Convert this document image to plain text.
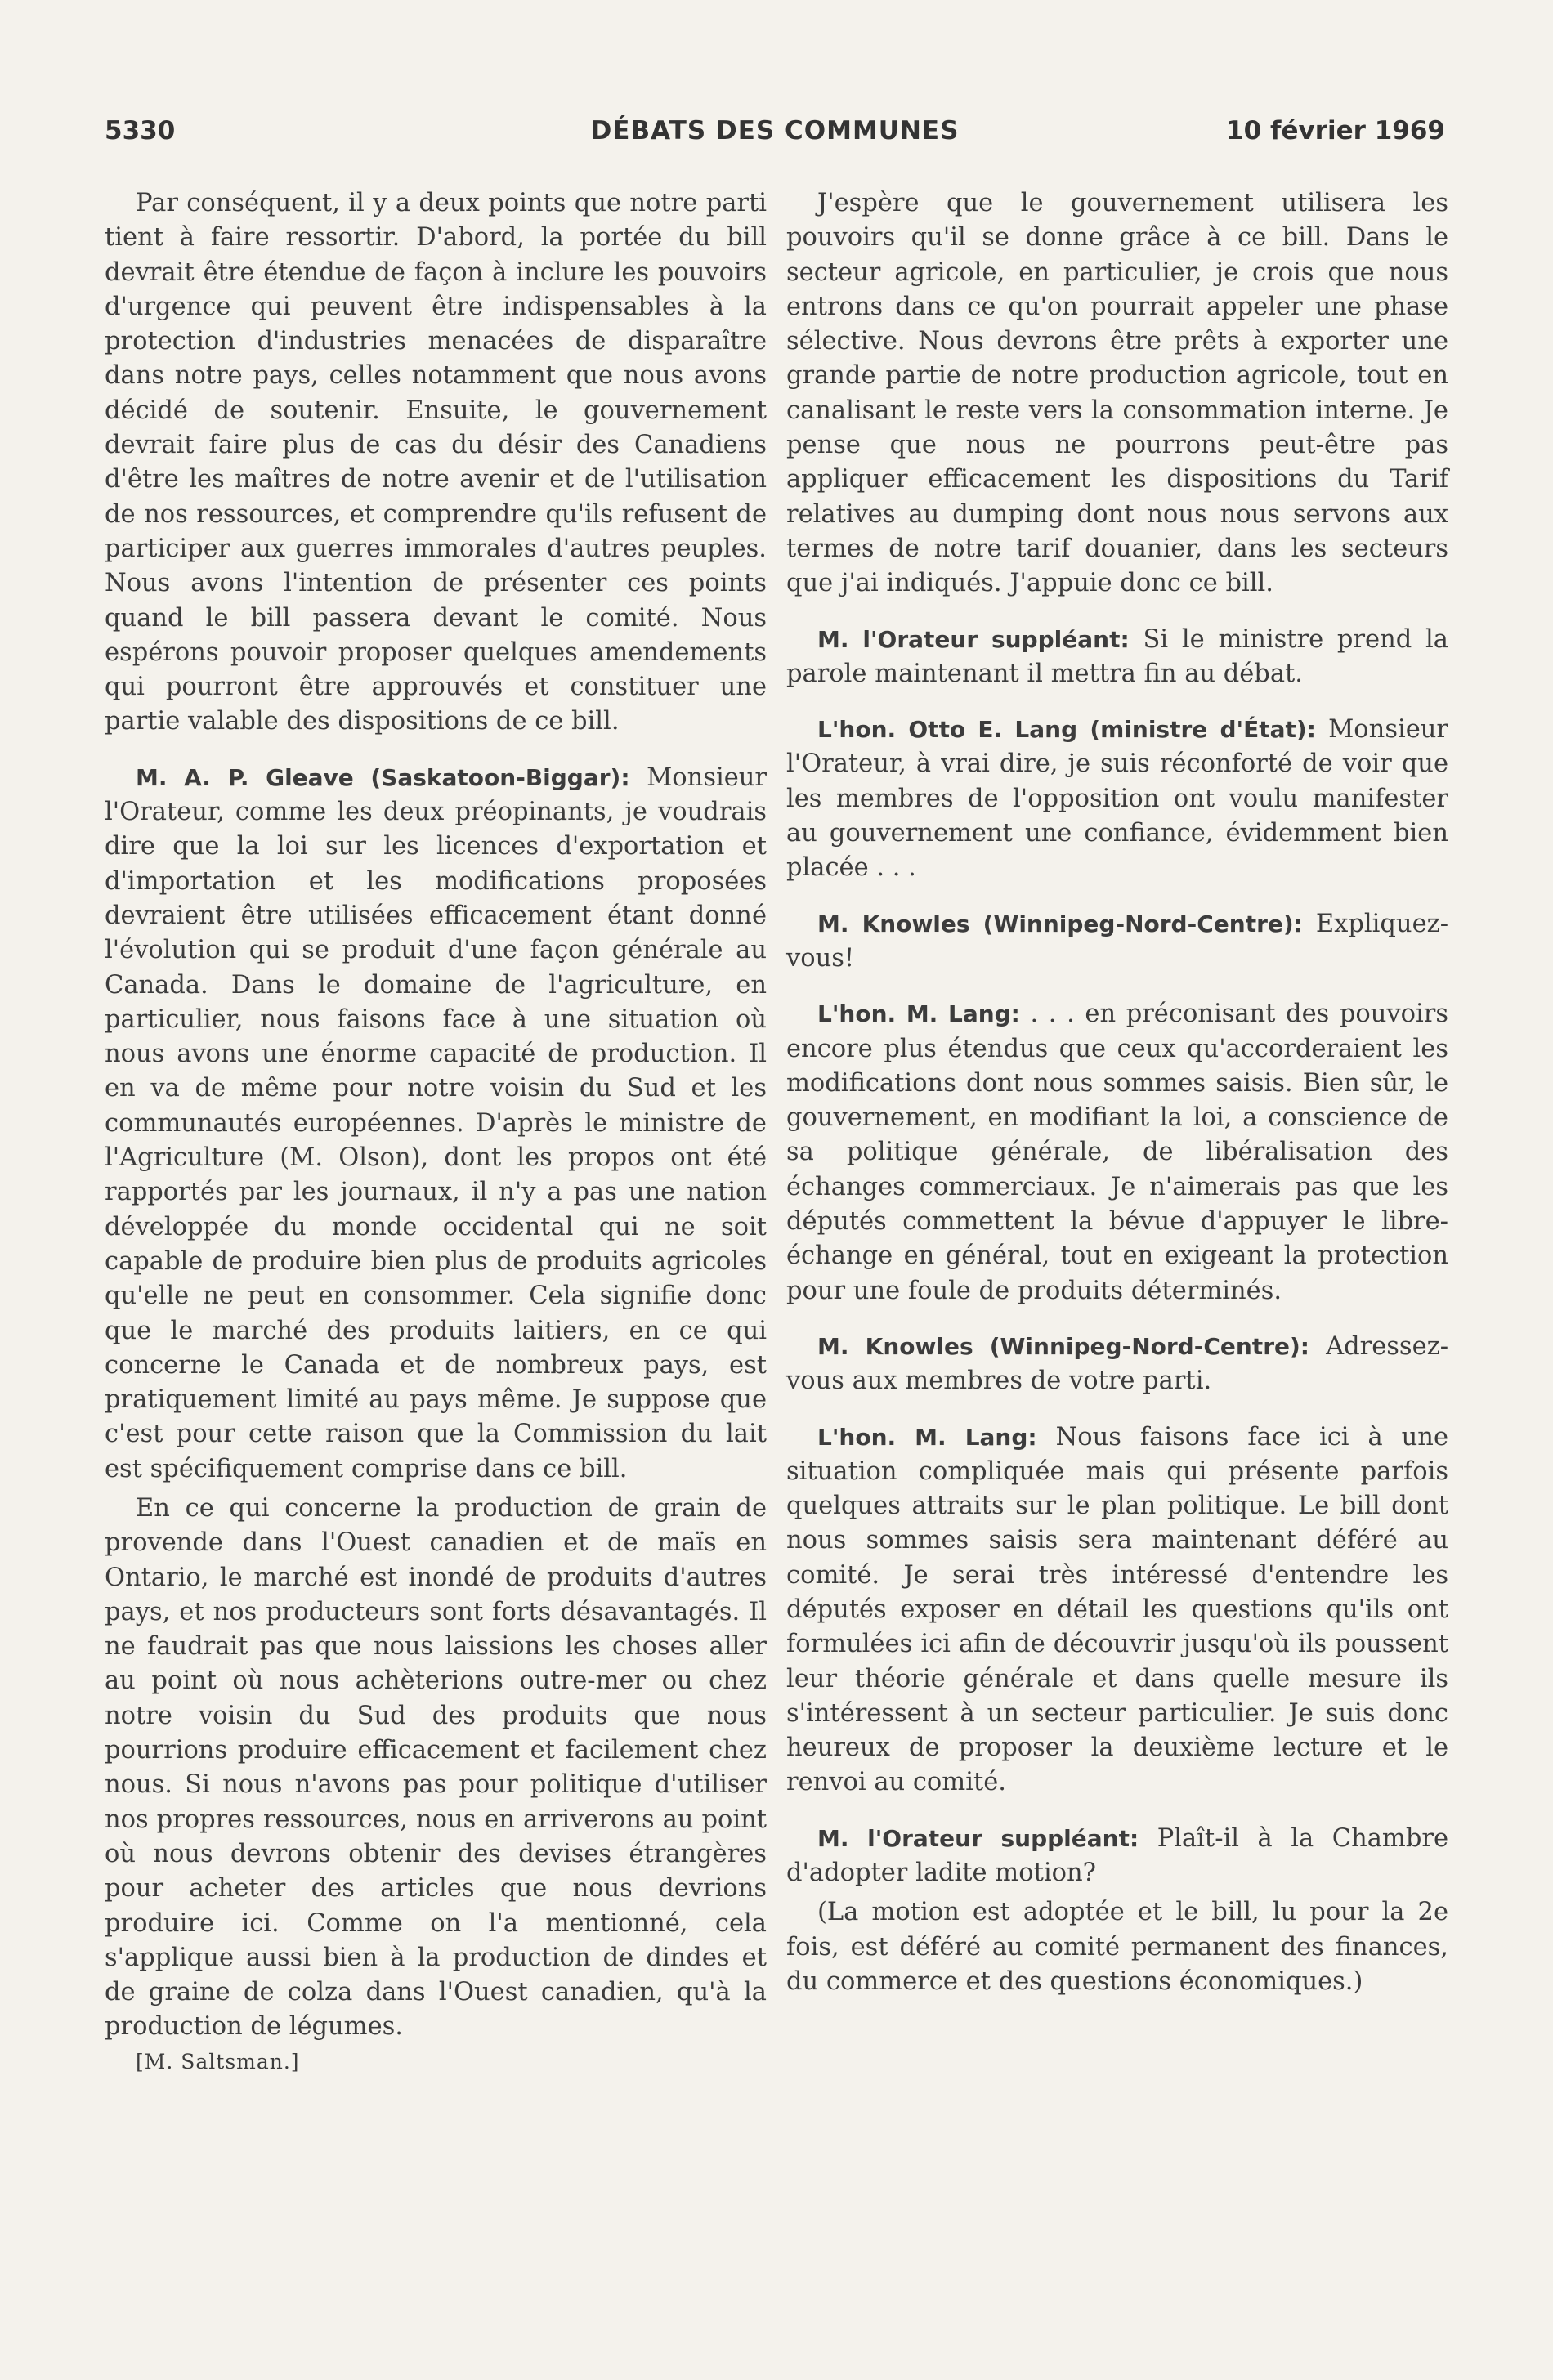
5330	DÉBATS DES COMMUNES	10 février 1969

Par conséquent, il y a deux points que notre parti tient à faire ressortir. D'abord, la portée du bill devrait être étendue de façon à inclure les pouvoirs d'urgence qui peuvent être indispensables à la protection d'industries menacées de disparaître dans notre pays, celles notamment que nous avons décidé de soutenir. Ensuite, le gouvernement devrait faire plus de cas du désir des Canadiens d'être les maîtres de notre avenir et de l'utilisation de nos ressources, et comprendre qu'ils refusent de participer aux guerres immorales d'autres peuples. Nous avons l'intention de présenter ces points quand le bill passera devant le comité. Nous espérons pouvoir proposer quelques amendements qui pourront être approuvés et constituer une partie valable des dispositions de ce bill.

M. A. P. Gleave (Saskatoon-Biggar): Monsieur l'Orateur, comme les deux préopinants, je voudrais dire que la loi sur les licences d'exportation et d'importation et les modifications proposées devraient être utilisées efficacement étant donné l'évolution qui se produit d'une façon générale au Canada. Dans le domaine de l'agriculture, en particulier, nous faisons face à une situation où nous avons une énorme capacité de production. Il en va de même pour notre voisin du Sud et les communautés européennes. D'après le ministre de l'Agriculture (M. Olson), dont les propos ont été rapportés par les journaux, il n'y a pas une nation développée du monde occidental qui ne soit capable de produire bien plus de produits agricoles qu'elle ne peut en consommer. Cela signifie donc que le marché des produits laitiers, en ce qui concerne le Canada et de nombreux pays, est pratiquement limité au pays même. Je suppose que c'est pour cette raison que la Commission du lait est spécifiquement comprise dans ce bill.

En ce qui concerne la production de grain de provende dans l'Ouest canadien et de maïs en Ontario, le marché est inondé de produits d'autres pays, et nos producteurs sont forts désavantagés. Il ne faudrait pas que nous laissions les choses aller au point où nous achèterions outre-mer ou chez notre voisin du Sud des produits que nous pourrions produire efficacement et facilement chez nous. Si nous n'avons pas pour politique d'utiliser nos propres ressources, nous en arriverons au point où nous devrons obtenir des devises étrangères pour acheter des articles que nous devrions produire ici. Comme on l'a mentionné, cela s'applique aussi bien à la production de dindes et de graine de colza dans l'Ouest canadien, qu'à la production de légumes.

[M. Saltsman.]

J'espère que le gouvernement utilisera les pouvoirs qu'il se donne grâce à ce bill. Dans le secteur agricole, en particulier, je crois que nous entrons dans ce qu'on pourrait appeler une phase sélective. Nous devrons être prêts à exporter une grande partie de notre production agricole, tout en canalisant le reste vers la consommation interne. Je pense que nous ne pourrons peut-être pas appliquer efficacement les dispositions du Tarif relatives au dumping dont nous nous servons aux termes de notre tarif douanier, dans les secteurs que j'ai indiqués. J'appuie donc ce bill.

M. l'Orateur suppléant: Si le ministre prend la parole maintenant il mettra fin au débat.

L'hon. Otto E. Lang (ministre d'État): Monsieur l'Orateur, à vrai dire, je suis réconforté de voir que les membres de l'opposition ont voulu manifester au gouvernement une confiance, évidemment bien placée . . .

M. Knowles (Winnipeg-Nord-Centre): Expliquez-vous!

L'hon. M. Lang: . . . en préconisant des pouvoirs encore plus étendus que ceux qu'accorderaient les modifications dont nous sommes saisis. Bien sûr, le gouvernement, en modifiant la loi, a conscience de sa politique générale, de libéralisation des échanges commerciaux. Je n'aimerais pas que les députés commettent la bévue d'appuyer le libre-échange en général, tout en exigeant la protection pour une foule de produits déterminés.

M. Knowles (Winnipeg-Nord-Centre): Adressez-vous aux membres de votre parti.

L'hon. M. Lang: Nous faisons face ici à une situation compliquée mais qui présente parfois quelques attraits sur le plan politique. Le bill dont nous sommes saisis sera maintenant déféré au comité. Je serai très intéressé d'entendre les députés exposer en détail les questions qu'ils ont formulées ici afin de découvrir jusqu'où ils poussent leur théorie générale et dans quelle mesure ils s'intéressent à un secteur particulier. Je suis donc heureux de proposer la deuxième lecture et le renvoi au comité.

M. l'Orateur suppléant: Plaît-il à la Chambre d'adopter ladite motion?

(La motion est adoptée et le bill, lu pour la 2e fois, est déféré au comité permanent des finances, du commerce et des questions économiques.)
